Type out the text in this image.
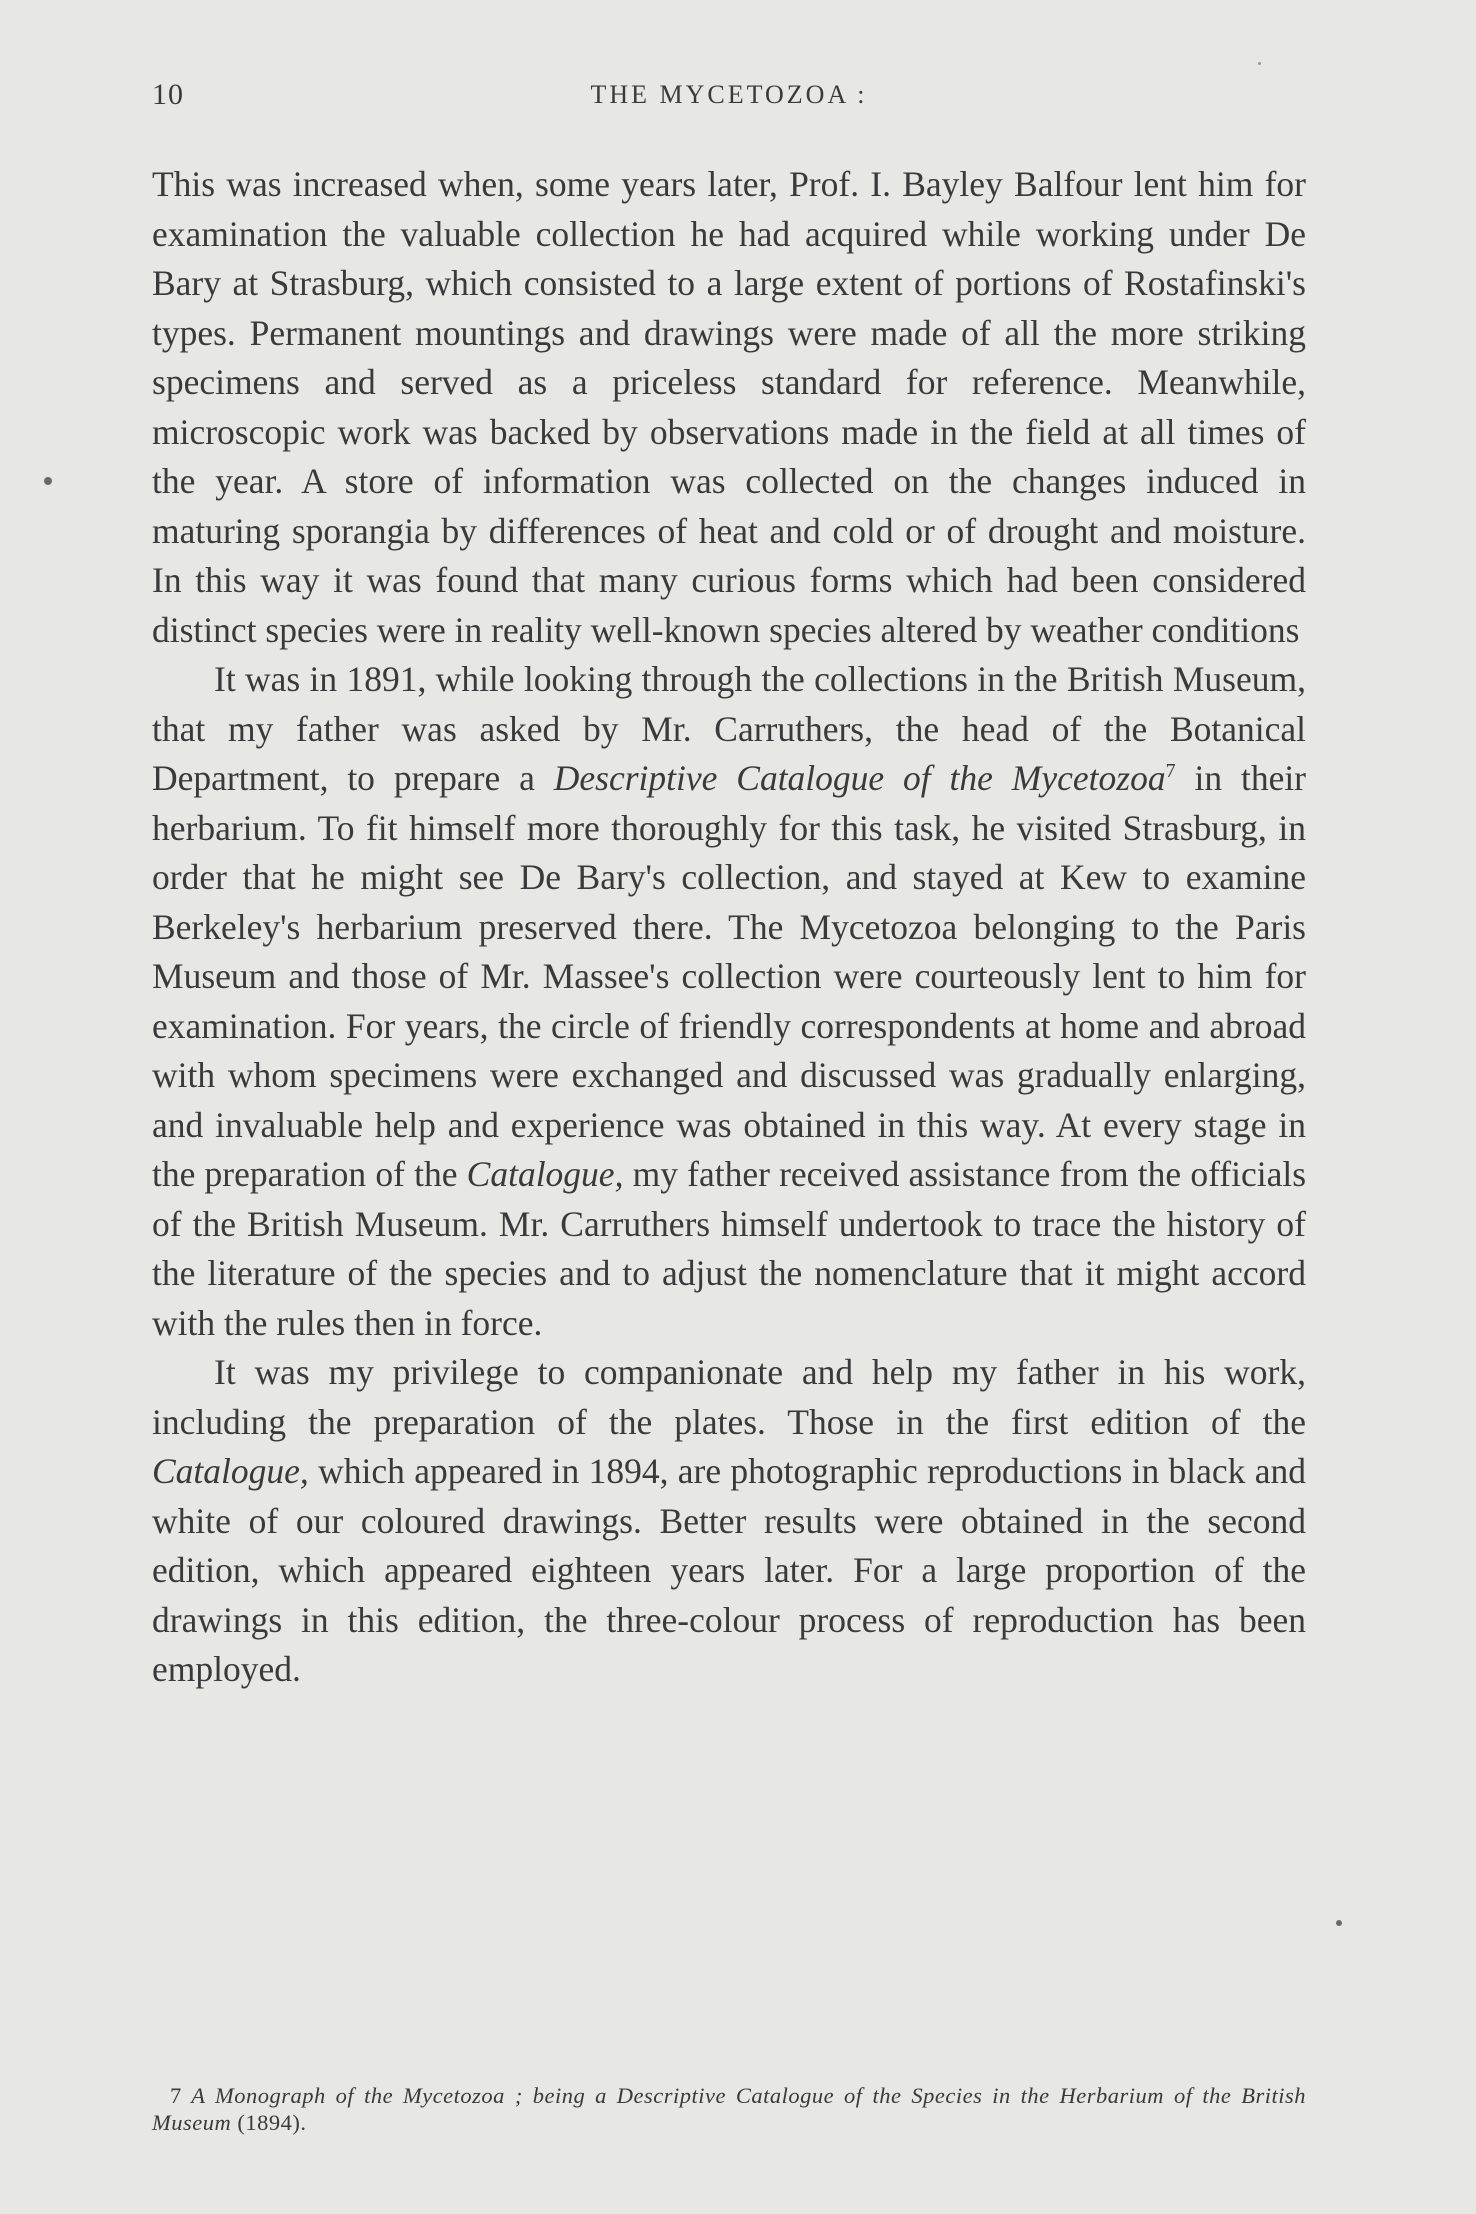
10	THE MYCETOZOA :

This was increased when, some years later, Prof. I. Bayley Balfour lent him for examination the valuable collection he had acquired while working under De Bary at Strasburg, which consisted to a large extent of portions of Rostafinski's types. Permanent mountings and drawings were made of all the more striking specimens and served as a priceless standard for reference. Meanwhile, microscopic work was backed by observations made in the field at all times of the year. A store of information was collected on the changes induced in maturing sporangia by differences of heat and cold or of drought and moisture. In this way it was found that many curious forms which had been considered distinct species were in reality well-known species altered by weather conditions

It was in 1891, while looking through the collections in the British Museum, that my father was asked by Mr. Carruthers, the head of the Botanical Department, to prepare a Descriptive Catalogue of the Mycetozoa$^7$ in their herbarium. To fit himself more thoroughly for this task, he visited Strasburg, in order that he might see De Bary's collection, and stayed at Kew to examine Berkeley's herbarium preserved there. The Mycetozoa belonging to the Paris Museum and those of Mr. Massee's collection were courteously lent to him for examination. For years, the circle of friendly correspondents at home and abroad with whom specimens were exchanged and discussed was gradually enlarging, and invaluable help and experience was obtained in this way. At every stage in the preparation of the Catalogue, my father received assistance from the officials of the British Museum. Mr. Carruthers himself undertook to trace the history of the literature of the species and to adjust the nomenclature that it might accord with the rules then in force.

It was my privilege to companionate and help my father in his work, including the preparation of the plates. Those in the first edition of the Catalogue, which appeared in 1894, are photographic reproductions in black and white of our coloured drawings. Better results were obtained in the second edition, which appeared eighteen years later. For a large proportion of the drawings in this edition, the three-colour process of reproduction has been employed.

7 A Monograph of the Mycetozoa ; being a Descriptive Catalogue of the Species in the Herbarium of the British Museum (1894).
